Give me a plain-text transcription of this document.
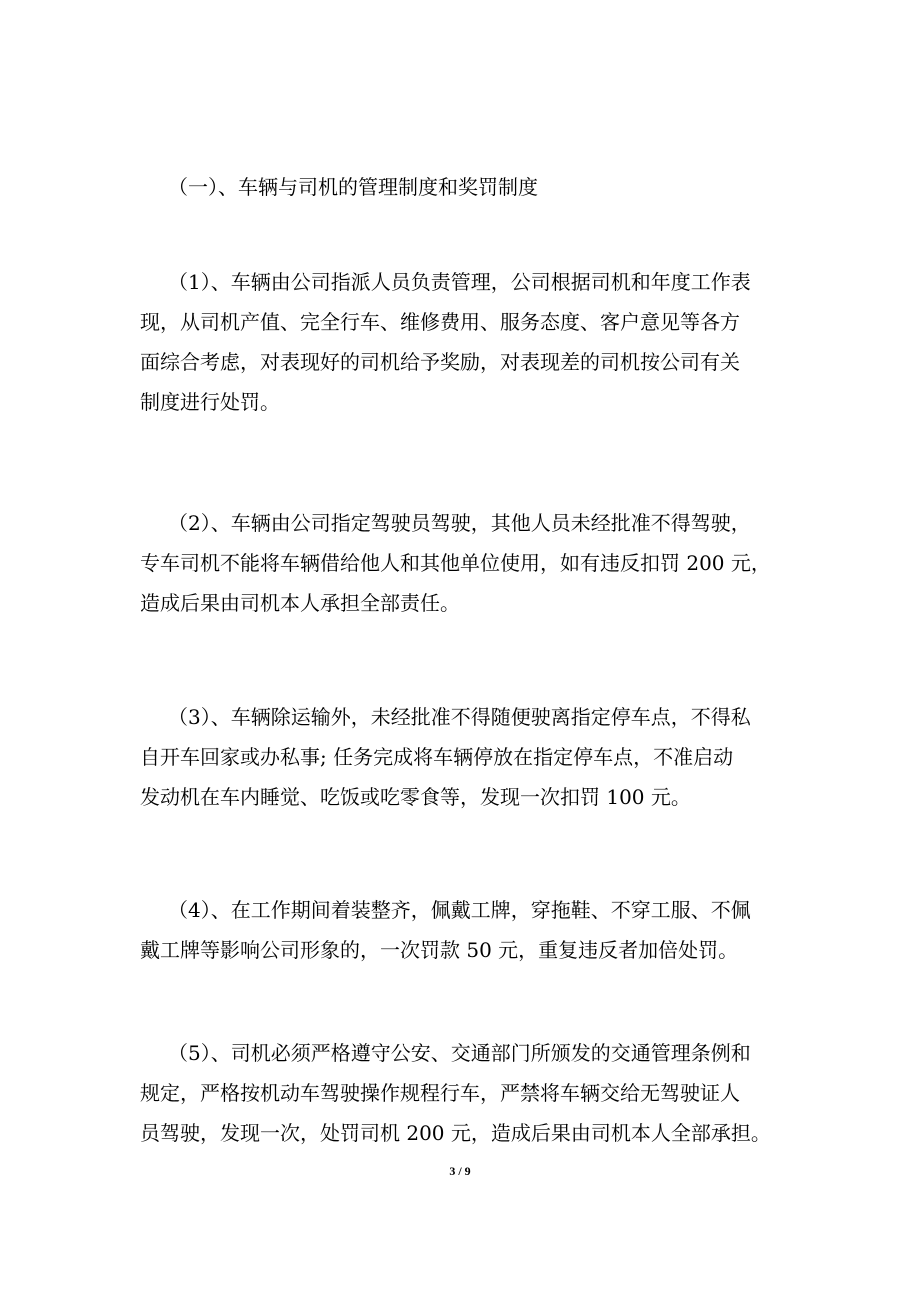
（一）、车辆与司机的管理制度和奖罚制度

（1）、车辆由公司指派人员负责管理，公司根据司机和年度工作表
现，从司机产值、完全行车、维修费用、服务态度、客户意见等各方
面综合考虑，对表现好的司机给予奖励，对表现差的司机按公司有关
制度进行处罚。

（2）、车辆由公司指定驾驶员驾驶，其他人员未经批准不得驾驶，
专车司机不能将车辆借给他人和其他单位使用，如有违反扣罚 200 元，
造成后果由司机本人承担全部责任。

（3）、车辆除运输外，未经批准不得随便驶离指定停车点，不得私
自开车回家或办私事; 任务完成将车辆停放在指定停车点，不准启动
发动机在车内睡觉、吃饭或吃零食等，发现一次扣罚 100 元。

（4）、在工作期间着装整齐，佩戴工牌，穿拖鞋、不穿工服、不佩
戴工牌等影响公司形象的，一次罚款 50 元，重复违反者加倍处罚。

（5）、司机必须严格遵守公安、交通部门所颁发的交通管理条例和
规定，严格按机动车驾驶操作规程行车，严禁将车辆交给无驾驶证人
员驾驶，发现一次，处罚司机 200 元，造成后果由司机本人全部承担。

3 / 9
